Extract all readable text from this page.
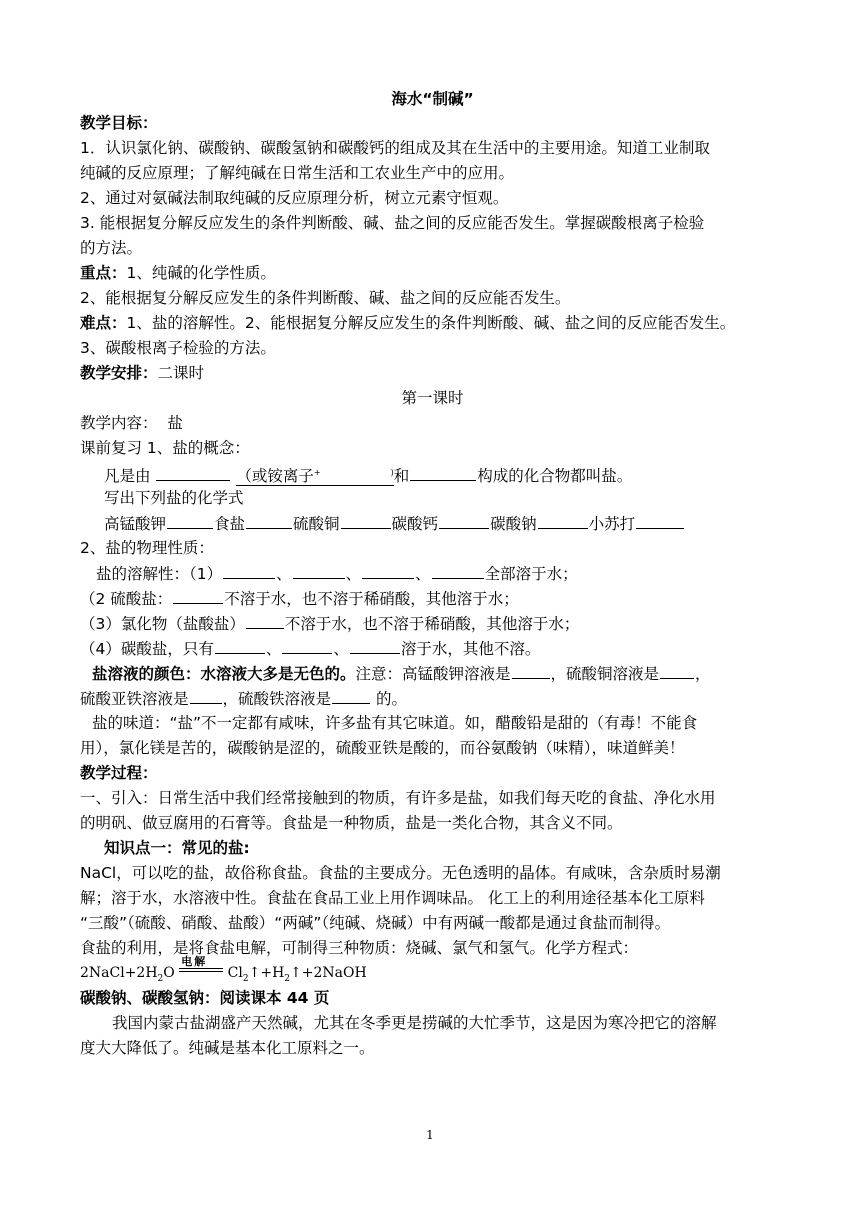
海水“制碱”
教学目标：
1．认识氯化钠、碳酸钠、碳酸氢钠和碳酸钙的组成及其在生活中的主要用途。知道工业制取
纯碱的反应原理；了解纯碱在日常生活和工农业生产中的应用。
2、通过对氨碱法制取纯碱的反应原理分析，树立元素守恒观。
3. 能根据复分解反应发生的条件判断酸、碱、盐之间的反应能否发生。掌握碳酸根离子检验
的方法。
重点：1、纯碱的化学性质。
2、能根据复分解反应发生的条件判断酸、碱、盐之间的反应能否发生。
难点：1、盐的溶解性。2、能根据复分解反应发生的条件判断酸、碱、盐之间的反应能否发生。
3、碳酸根离子检验的方法。
教学安排：二课时
第一课时
教学内容： 盐
课前复习 1、盐的概念：
凡是由	（或铵离子+	)和	构成的化合物都叫盐。
写出下列盐的化学式
高锰酸钾	食盐	硫酸铜	碳酸钙	碳酸钠	小苏打
2、盐的物理性质：
盐的溶解性：（1）	、	、	、	全部溶于水；
（2 硫酸盐：	不溶于水，也不溶于稀硝酸，其他溶于水；
（3）氯化物（盐酸盐）	不溶于水，也不溶于稀硝酸，其他溶于水；
（4）碳酸盐，只有	、	、	溶于水，其他不溶。
盐溶液的颜色：水溶液大多是无色的。注意：高锰酸钾溶液是	，硫酸铜溶液是 ，
硫酸亚铁溶液是 ，硫酸铁溶液是	的。
盐的味道：“盐”不一定都有咸味，许多盐有其它味道。如，醋酸铅是甜的（有毒！不能食
用），氯化镁是苦的，碳酸钠是涩的，硫酸亚铁是酸的，而谷氨酸钠（味精），味道鲜美！
教学过程：
一、引入：日常生活中我们经常接触到的物质，有许多是盐，如我们每天吃的食盐、净化水用
的明矾、做豆腐用的石膏等。食盐是一种物质，盐是一类化合物，其含义不同。
知识点一：常见的盐:
NaCl，可以吃的盐，故俗称食盐。食盐的主要成分。无色透明的晶体。有咸味，含杂质时易潮
解；溶于水，水溶液中性。食盐在食品工业上用作调味品。 化工上的利用途径基本化工原料
“三酸”（硫酸、硝酸、盐酸）“两碱”（纯碱、烧碱）中有两碱一酸都是通过食盐而制得。
食盐的利用，是将食盐电解，可制得三种物质：烧碱、氯气和氢气。化学方程式：
$2NaCl+2H_2O$
电解
$Cl_2↑+H_2↑+2NaOH$
碳酸钠、碳酸氢钠：阅读课本 44 页
我国内蒙古盐湖盛产天然碱，尤其在冬季更是捞碱的大忙季节，这是因为寒冷把它的溶解
度大大降低了。纯碱是基本化工原料之一。
1
